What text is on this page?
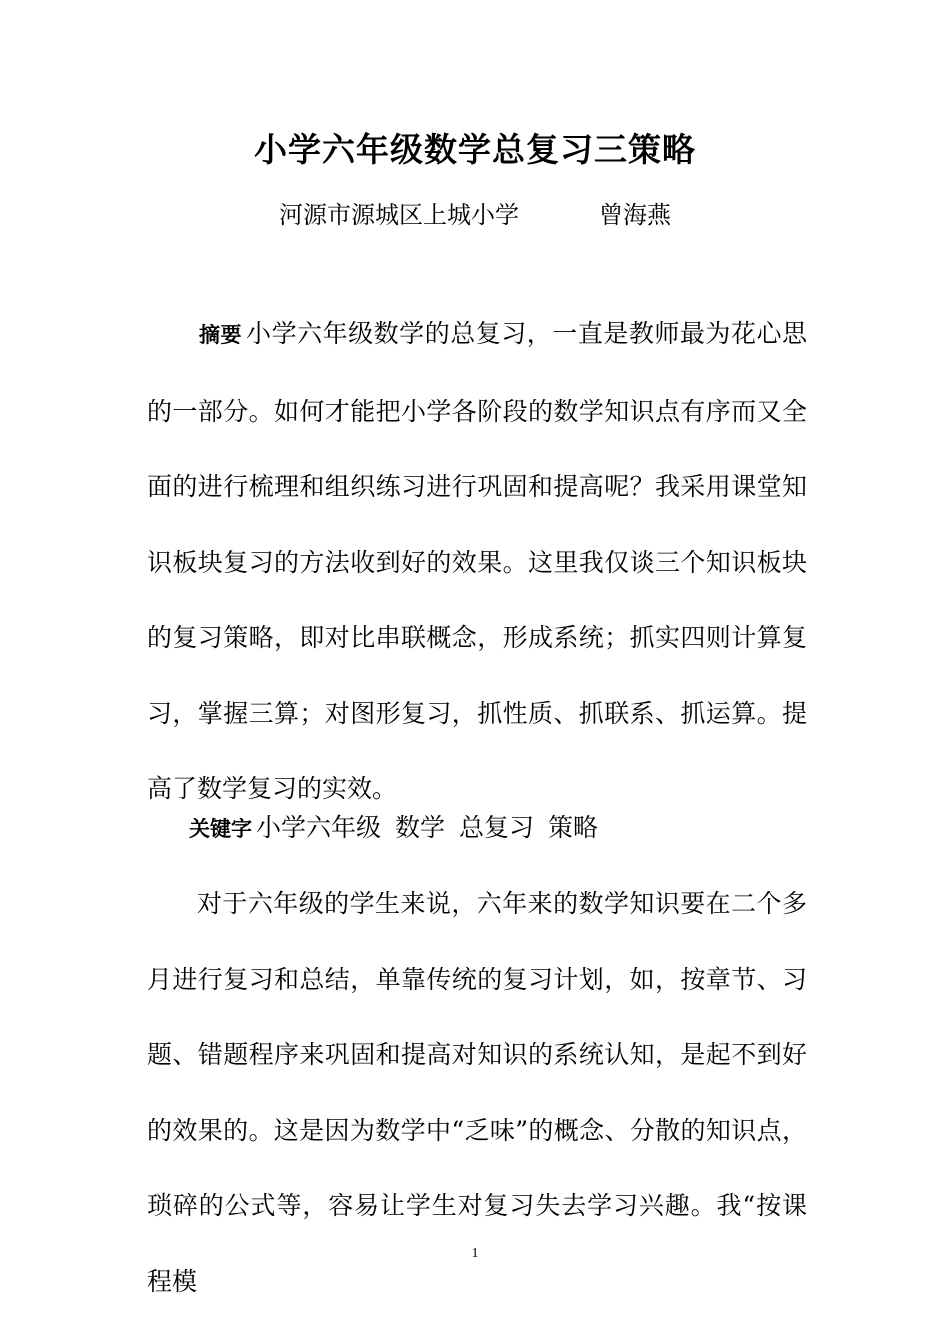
小学六年级数学总复习三策略
河源市源城区上城小学	曾海燕
摘要 小学六年级数学的总复习，一直是教师最为花心思的一部分。如何才能把小学各阶段的数学知识点有序而又全面的进行梳理和组织练习进行巩固和提高呢？我采用课堂知识板块复习的方法收到好的效果。这里我仅谈三个知识板块的复习策略，即对比串联概念，形成系统；抓实四则计算复习，掌握三算；对图形复习，抓性质、抓联系、抓运算。提高了数学复习的实效。
关键字 小学六年级 数学 总复习 策略
对于六年级的学生来说，六年来的数学知识要在二个多月进行复习和总结，单靠传统的复习计划，如，按章节、习题、错题程序来巩固和提高对知识的系统认知，是起不到好的效果的。这是因为数学中“乏味”的概念、分散的知识点，琐碎的公式等，容易让学生对复习失去学习兴趣。我“按课程模
1
